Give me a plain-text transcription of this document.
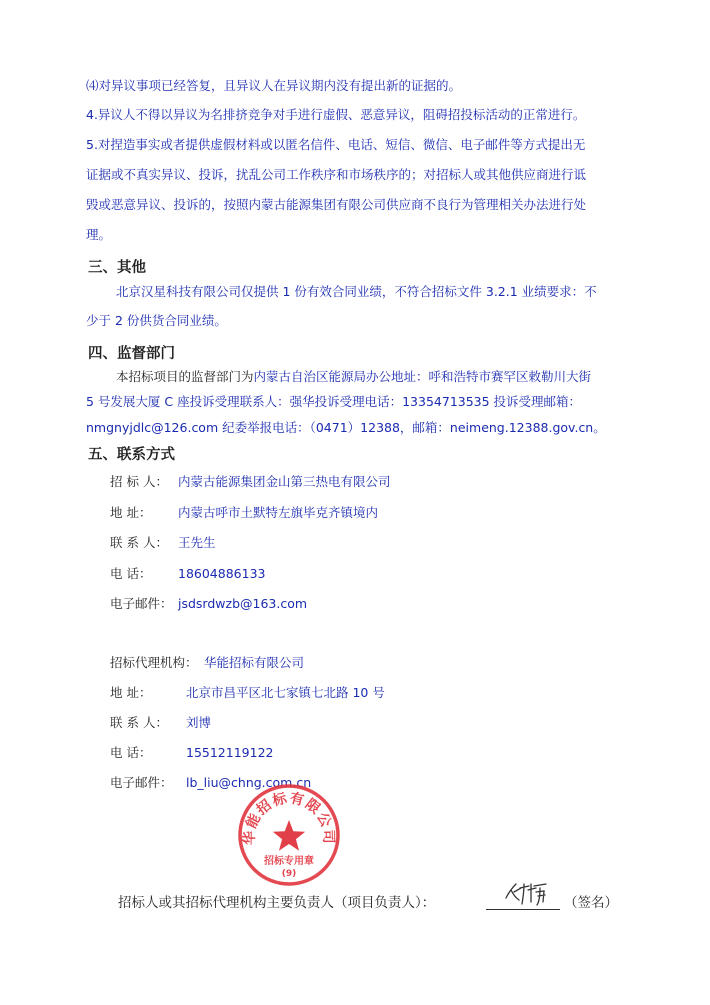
⑷对异议事项已经答复，且异议人在异议期内没有提出新的证据的。
4.异议人不得以异议为名排挤竞争对手进行虚假、恶意异议，阻碍招投标活动的正常进行。
5.对捏造事实或者提供虚假材料或以匿名信件、电话、短信、微信、电子邮件等方式提出无
证据或不真实异议、投诉，扰乱公司工作秩序和市场秩序的；对招标人或其他供应商进行诋
毁或恶意异议、投诉的，按照内蒙古能源集团有限公司供应商不良行为管理相关办法进行处
理。
三、其他
北京汉星科技有限公司仅提供 1 份有效合同业绩，不符合招标文件 3.2.1 业绩要求：不
少于 2 份供货合同业绩。
四、监督部门
本招标项目的监督部门为内蒙古自治区能源局办公地址：呼和浩特市赛罕区敕勒川大街
5 号发展大厦 C 座投诉受理联系人：强华投诉受理电话：13354713535 投诉受理邮箱：
nmgnyjdlc@126.com 纪委举报电话：（0471）12388，邮箱：neimeng.12388.gov.cn。
五、联系方式
招 标 人： 内蒙古能源集团金山第三热电有限公司
地 址： 内蒙古呼市土默特左旗毕克齐镇境内
联 系 人： 王先生
电 话： 18604886133
电子邮件： jsdsrdwzb@163.com
招标代理机构： 华能招标有限公司
地 址：	北京市昌平区北七家镇七北路 10 号
联 系 人： 刘博
电 话：	15512119122
电子邮件： lb_liu@chng.com.cn
华能招标有限公司
招标专用章
(9)
招标人或其招标代理机构主要负责人（项目负责人）：	（签名）
